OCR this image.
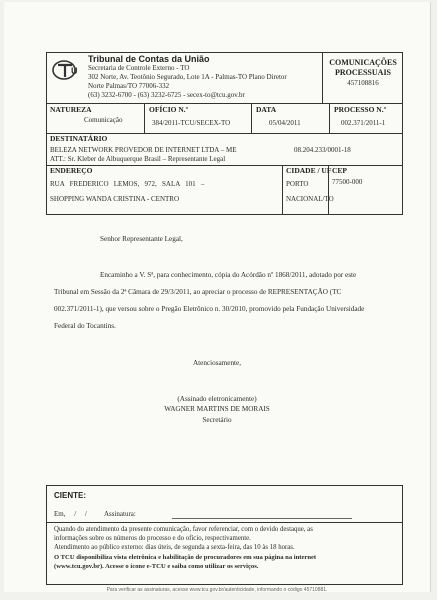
U
Tribunal de Contas da União
Secretaria de Controle Externo - TO
302 Norte, Av. Teotônio Segurado, Lote 1A - Palmas-TO Plano Diretor
Norte Palmas/TO 77006-332
(63) 3232-6700 - (63) 3232-6725 - secex-to@tcu.gov.br
COMUNICAÇÕES
PROCESSUAIS
457108816
NATUREZA
Comunicação
OFÍCIO N.º
384/2011-TCU/SECEX-TO
DATA
05/04/2011
PROCESSO N.º
002.371/2011-1
DESTINATÁRIO
BELEZA NETWORK PROVEDOR DE INTERNET LTDA – ME	08.204.233/0001-18
ATT.: Sr. Kleber de Albuquerque Brasil – Representante Legal
ENDEREÇO
RUA   FREDERICO   LEMOS,   972,   SALA   101   –
SHOPPING WANDA CRISTINA - CENTRO
CIDADE / UF
PORTO
NACIONAL/TO
CEP
77500-000
Senhor Representante Legal,
Encaminho a V. Sª, para conhecimento, cópia do Acórdão nº 1868/2011, adotado por este
Tribunal em Sessão da 2ª Câmara de 29/3/2011, ao apreciar o processo de REPRESENTAÇÃO (TC
002.371/2011-1), que versou sobre o Pregão Eletrônico n. 30/2010, promovido pela Fundação Universidade
Federal do Tocantins.
Atenciosamente,
(Assinado eletronicamente)
WAGNER MARTINS DE MORAIS
Secretário
CIENTE:
Em,     /     /          Assinatura:
Quando do atendimento da presente comunicação, favor referenciar, com o devido destaque, as
informações sobre os números do processo e do ofício, respectivamente.
Atendimento ao público externo: dias úteis, de segunda a sexta-feira, das 10 às 18 horas.
O TCU disponibiliza vista eletrônica e habilitação de procuradores em sua página na internet
(www.tcu.gov.br). Acesse o ícone e-TCU e saiba como utilizar os serviços.
Para verificar as assinaturas, acesse www.tcu.gov.br/autenticidade, informando o código 45710881.
